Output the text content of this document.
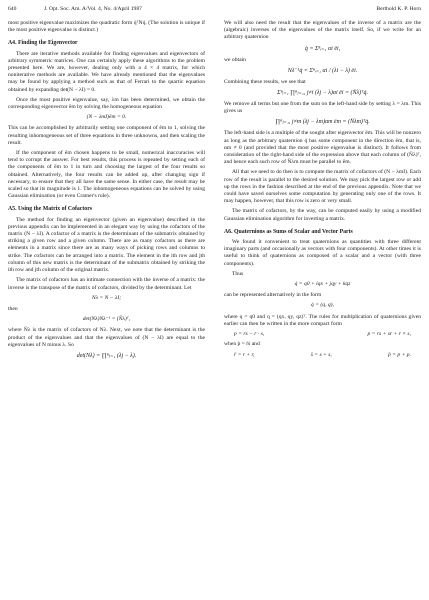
640	J. Opt. Soc. Am. A/Vol. 4, No. 4/April 1987	Berthold K. P. Horn

most positive eigenvalue maximizes the quadratic form q̇ᵀNq̇. (The solution is unique if the most positive eigenvalue is distinct.)

A4. Finding the Eigenvector

There are iterative methods available for finding eigenvalues and eigenvectors of arbitrary symmetric matrices. One can certainly apply these algorithms to the problem presented here. We are, however, dealing only with a 4 × 4 matrix, for which noniterative methods are available. We have already mentioned that the eigenvalues may be found by applying a method such as that of Ferrari to the quartic equation obtained by expanding det(N − λI) = 0.

Once the most positive eigenvalue, say, λm has been determined, we obtain the corresponding eigenvector ēm by solving the homogeneous equation

(N − λmI)ēm = 0.

This can be accomplished by arbitrarily setting one component of ēm to 1, solving the resulting inhomogeneous set of three equations in three unknowns, and then scaling the result.

If the component of ēm chosen happens to be small, numerical inaccuracies will tend to corrupt the answer. For best results, this process is repeated by setting each of the components of ēm to 1 in turn and choosing the largest of the four results so obtained. Alternatively, the four results can be added up, after changing sign if necessary, to ensure that they all have the same sense. In either case, the result may be scaled so that its magnitude is 1. The inhomogeneous equations can be solved by using Gaussian elimination (or even Cramer's rule).

A5. Using the Matrix of Cofactors

The method for finding an eigenvector (given an eigenvalue) described in the previous appendix can be implemented in an elegant way by using the cofactors of the matrix (N − λI). A cofactor of a matrix is the determinant of the submatrix obtained by striking a given row and a given column. There are as many cofactors as there are elements in a matrix since there are as many ways of picking rows and columns to strike. The cofactors can be arranged into a matrix. The element in the ith row and jth column of this new matrix is the determinant of the submatrix obtained by striking the ith row and jth column of the original matrix.

The matrix of cofactors has an intimate connection with the inverse of a matrix: the inverse is the transpose of the matrix of cofactors, divided by the determinant. Let

Nλ = N − λI;

then

det(Nλ)Nλ⁻¹ = (N̄λ)ᵀ,

where N̄λ is the matrix of cofactors of Nλ. Next, we note that the determinant is the product of the eigenvalues and that the eigenvalues of (N − λI) are equal to the eigenvalues of N minus λ. So

det(Nλ) = ∏ⁿⱼ₌₁ (λj − λ).

We will also need the result that the eigenvalues of the inverse of a matrix are the (algebraic) inverses of the eigenvalues of the matrix itself. So, if we write for an arbitrary quaternion

q̇ = Σⁿᵢ₌₁ αi ēi,

we obtain

Nλ⁻¹q̇ = Σⁿᵢ₌₁ αi / (λi − λ) ēi.

Combining these results, we see that

Σⁿᵢ₌₁ ∏ⁿⱼ₌₁, j≠i (λj − λ)αi ēi = (N̄λ)ᵀq̇.

We remove all terms but one from the sum on the left-hand side by setting λ = λm. This gives us

∏ⁿⱼ₌₁, j≠m (λj − λm)αm ēm = (N̄λm)ᵀq̇.

The left-hand side is a multiple of the sought after eigenvector ēm. This will be nonzero as long as the arbitrary quaternion q̇ has some component in the direction ēm, that is, αm ≠ 0 (and provided that the most positive eigenvalue is distinct). It follows from consideration of the right-hand side of the expression above that each column of (N̄λ)ᵀ, and hence each such row of N̄λm must be parallel to ēm.

All that we need to do then is to compute the matrix of cofactors of (N − λmI). Each row of the result is parallel to the desired solution. We may pick the largest row or add up the rows in the fashion described at the end of the previous appendix. Note that we could have saved ourselves some computation by generating only one of the rows. It may happen, however, that this row is zero or very small.

The matrix of cofactors, by the way, can be computed easily by using a modified Gaussian elimination algorithm for inverting a matrix.

A6. Quaternions as Sums of Scalar and Vector Parts

We found it convenient to treat quaternions as quantities with three different imaginary parts (and occasionally as vectors with four components). At other times it is useful to think of quaternions as composed of a scalar and a vector (with three components).

Thus

q̇ = q0 + iqx + jqy + kqz

can be represented alternatively in the form

q̇ = (q, q),

where q = q0 and q = (qx, qy, qz)ᵀ. The rules for multiplication of quaternions given earlier can then be written in the more compact form

p = rs − r · s,	p = rs + sr + r × s,

when ṗ = ṙṡ and

r̄ = r + r,	s̄ = s + s,	p̄ = p + p.
